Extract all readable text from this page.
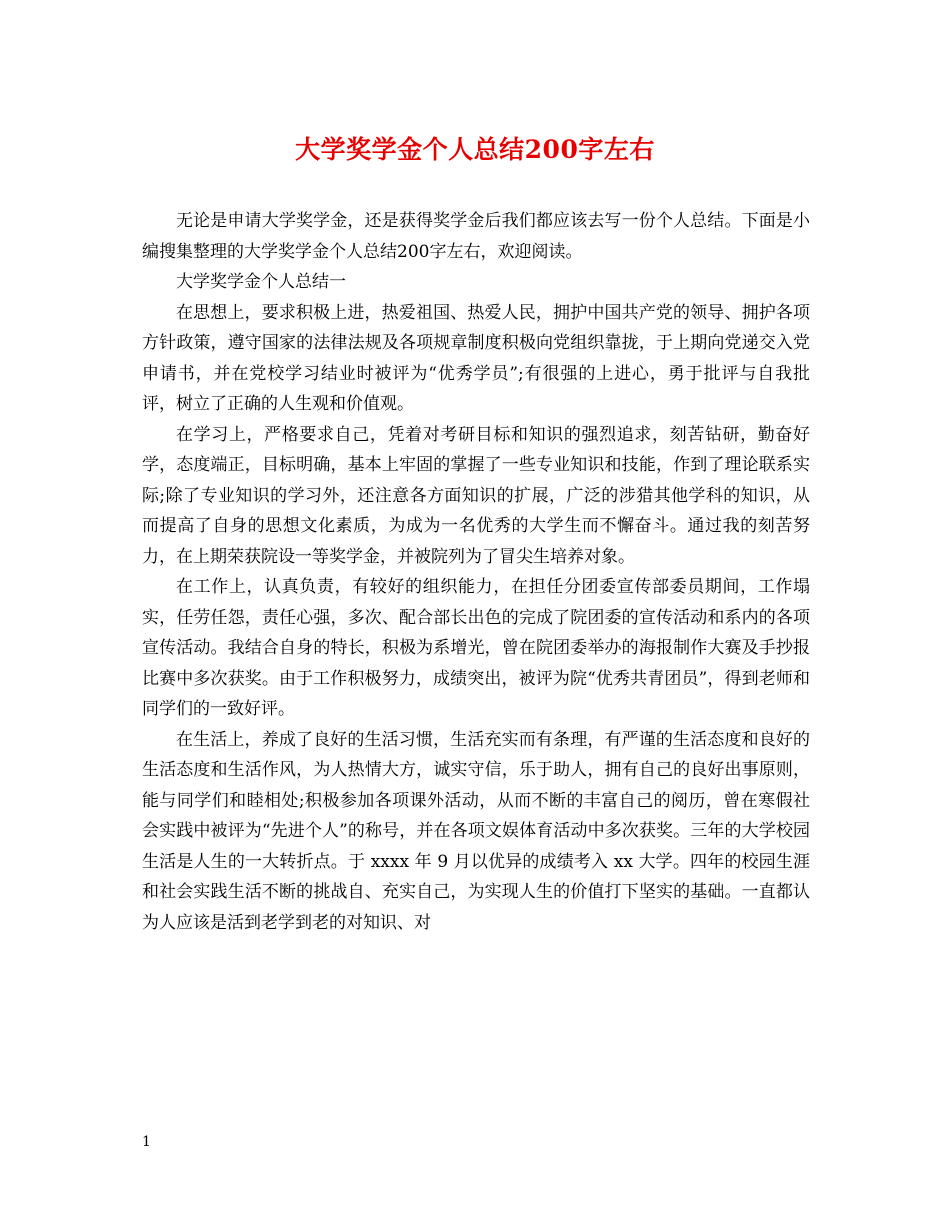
大学奖学金个人总结200字左右

无论是申请大学奖学金，还是获得奖学金后我们都应该去写一份个人总结。下面是小编搜集整理的大学奖学金个人总结200字左右，欢迎阅读。

大学奖学金个人总结一

在思想上，要求积极上进，热爱祖国、热爱人民，拥护中国共产党的领导、拥护各项方针政策，遵守国家的法律法规及各项规章制度积极向党组织靠拢，于上期向党递交入党申请书，并在党校学习结业时被评为“优秀学员”;有很强的上进心，勇于批评与自我批评，树立了正确的人生观和价值观。

在学习上，严格要求自己，凭着对考研目标和知识的强烈追求，刻苦钻研，勤奋好学，态度端正，目标明确，基本上牢固的掌握了一些专业知识和技能，作到了理论联系实际;除了专业知识的学习外，还注意各方面知识的扩展，广泛的涉猎其他学科的知识，从而提高了自身的思想文化素质，为成为一名优秀的大学生而不懈奋斗。通过我的刻苦努力，在上期荣获院设一等奖学金，并被院列为了冒尖生培养对象。

在工作上，认真负责，有较好的组织能力，在担任分团委宣传部委员期间，工作塌实，任劳任怨，责任心强，多次、配合部长出色的完成了院团委的宣传活动和系内的各项宣传活动。我结合自身的特长，积极为系增光，曾在院团委举办的海报制作大赛及手抄报比赛中多次获奖。由于工作积极努力，成绩突出，被评为院“优秀共青团员”，得到老师和同学们的一致好评。

在生活上，养成了良好的生活习惯，生活充实而有条理，有严谨的生活态度和良好的生活态度和生活作风，为人热情大方，诚实守信，乐于助人，拥有自己的良好出事原则，能与同学们和睦相处;积极参加各项课外活动，从而不断的丰富自己的阅历，曾在寒假社会实践中被评为“先进个人”的称号，并在各项文娱体育活动中多次获奖。三年的大学校园生活是人生的一大转折点。于 xxxx 年 9 月以优异的成绩考入 xx 大学。四年的校园生涯和社会实践生活不断的挑战自、充实自己，为实现人生的价值打下坚实的基础。一直都认为人应该是活到老学到老的对知识、对

1
